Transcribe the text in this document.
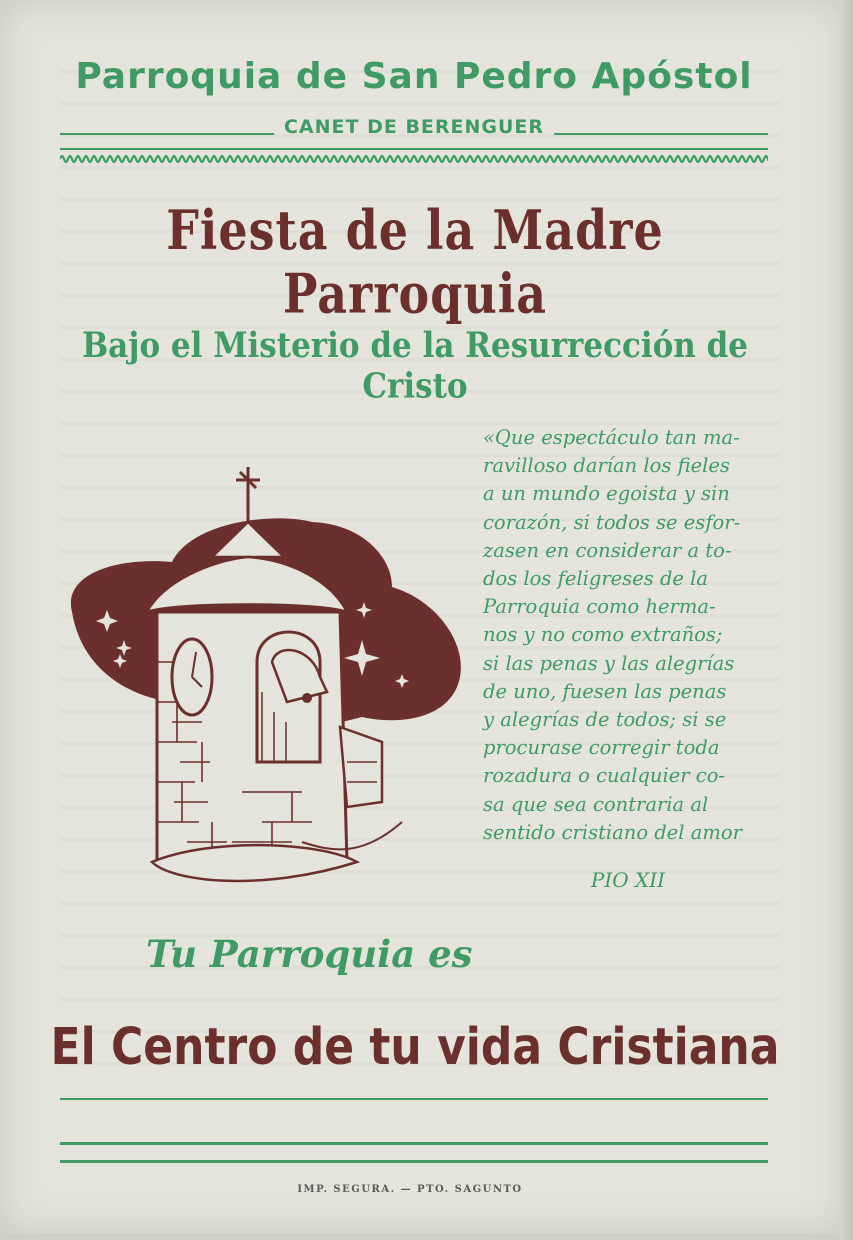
Parroquia de San Pedro Apóstol
CANET DE BERENGUER
Fiesta de la Madre Parroquia
Bajo el Misterio de la Resurrección de Cristo
«Que espectáculo tan ma-
ravilloso darían los fieles
a un mundo egoista y sin
corazón, si todos se esfor-
zasen en considerar a to-
dos los feligreses de la
Parroquia como herma-
nos y no como extraños;
si las penas y las alegrías
de uno, fuesen las penas
y alegrías de todos; si se
procurase corregir toda
rozadura o cualquier co-
sa que sea contraria al
sentido cristiano del amor
PIO XII
Tu Parroquia es
El Centro de tu vida Cristiana
IMP. SEGURA. — PTO. SAGUNTO
